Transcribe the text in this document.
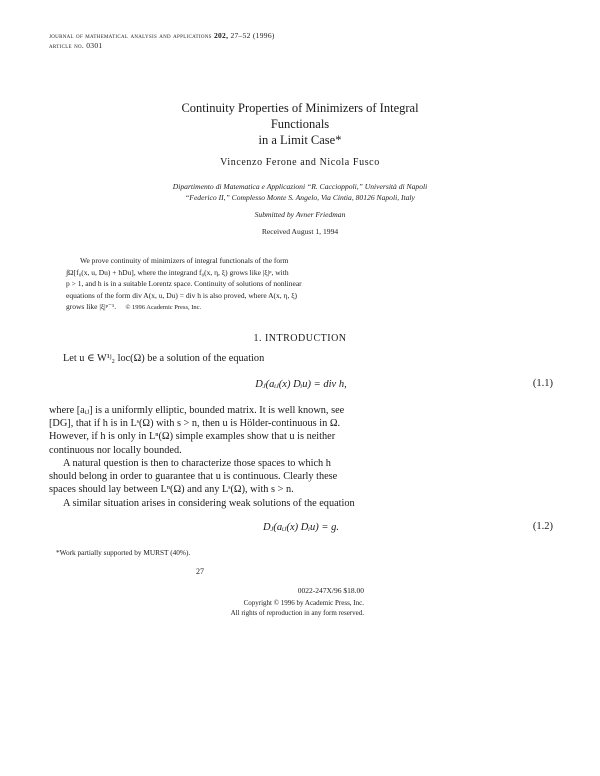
journal of mathematical analysis and applications 202, 27–52 (1996)
article no. 0301
Continuity Properties of Minimizers of Integral
Functionals
in a Limit Case*
Vincenzo Ferone and Nicola Fusco
Dipartimento di Matematica e Applicazioni “R. Caccioppoli,” Università di Napoli
“Federico II,” Complesso Monte S. Angelo, Via Cintia, 80126 Napoli, Italy
Submitted by Avner Friedman
Received August 1, 1994

We prove continuity of minimizers of integral functionals of the form

∫Ω[f₀(x, u, Du) + hDu], where the integrand f₀(x, η, ξ) grows like |ξ|ᵖ, with

p > 1, and h is in a suitable Lorentz space. Continuity of solutions of nonlinear

equations of the form div A(x, u, Du) = div h is also proved, where A(x, η, ξ)

grows like |ξ|ᵖ⁻¹. © 1996 Academic Press, Inc.

1. INTRODUCTION

Let u ∈ W¹ʲ₂ loc(Ω) be a solution of the equation

Dⱼ(aᵢⱼ(x) Dᵢu) = div h,	(1.1)

where [aᵢⱼ] is a uniformly elliptic, bounded matrix. It is well known, see

[DG], that if h is in Lˢ(Ω) with s > n, then u is Hölder-continuous in Ω.

However, if h is only in Lⁿ(Ω) simple examples show that u is neither

continuous nor locally bounded.

A natural question is then to characterize those spaces to which h

should belong in order to guarantee that u is continuous. Clearly these

spaces should lay between Lⁿ(Ω) and any Lˢ(Ω), with s > n.

A similar situation arises in considering weak solutions of the equation

Dⱼ(aᵢⱼ(x) Dᵢu) = g.	(1.2)
*Work partially supported by MURST (40%).
27
0022-247X/96 $18.00
Copyright © 1996 by Academic Press, Inc.
All rights of reproduction in any form reserved.
